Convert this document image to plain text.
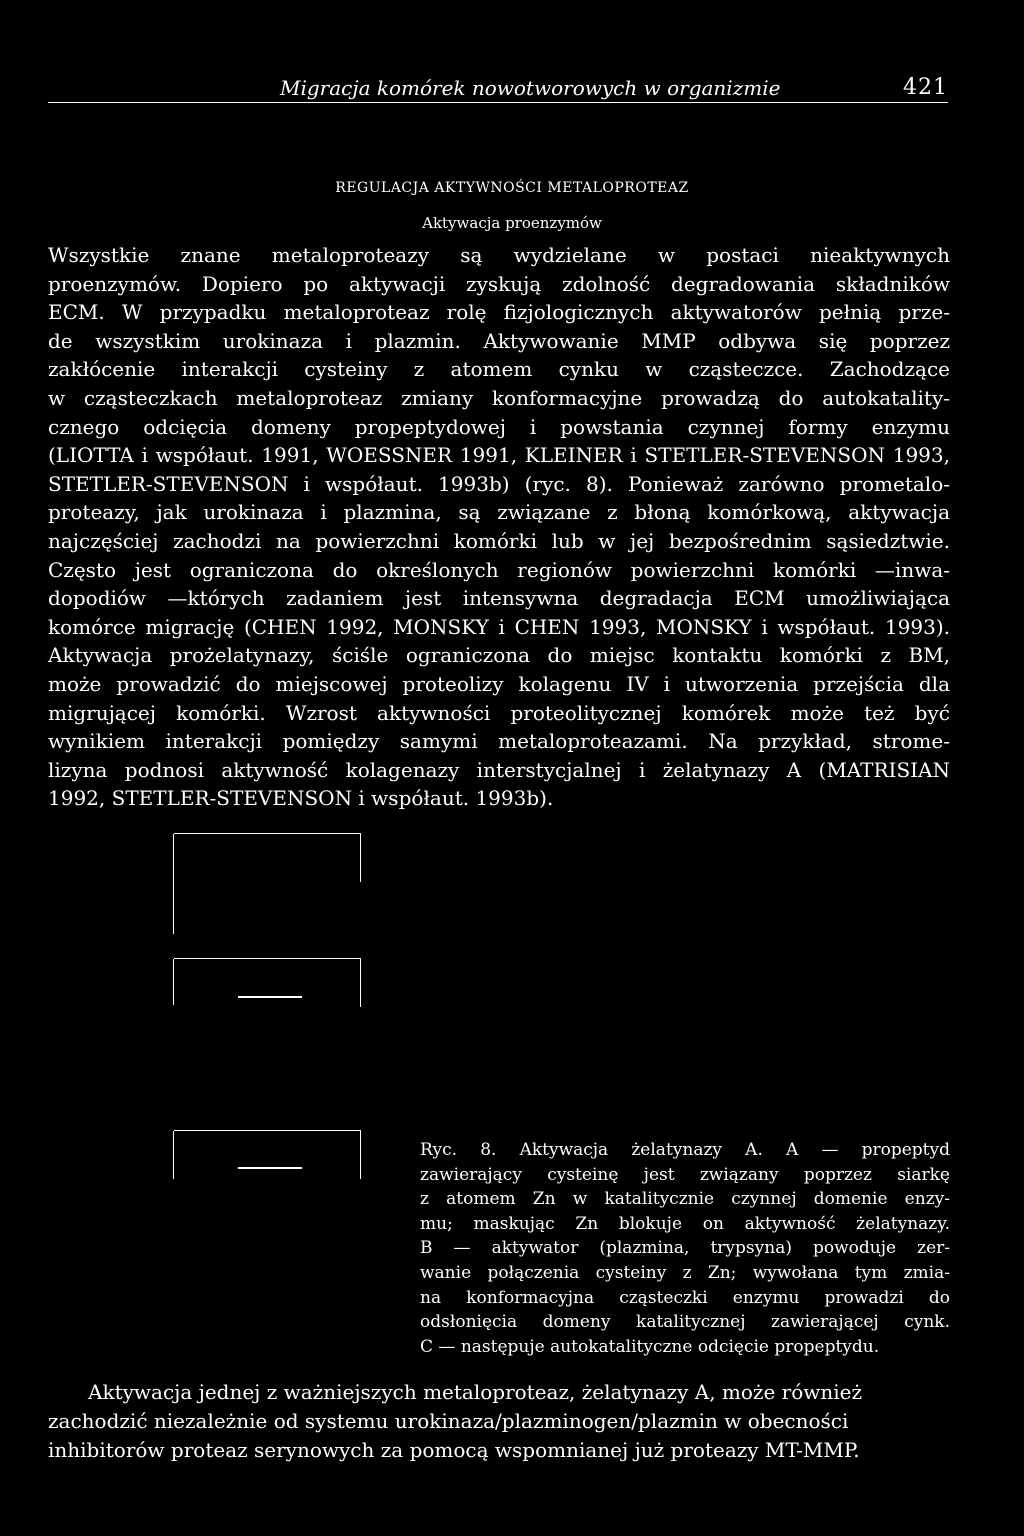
Migracja komórek nowotworowych w organizmie	421
REGULACJA AKTYWNOŚCI METALOPROTEAZ
Aktywacja proenzymów
Wszystkie znane metaloproteazy są wydzielane w postaci nieaktywnych
proenzymów. Dopiero po aktywacji zyskują zdolność degradowania składników
ECM. W przypadku metaloproteaz rolę fizjologicznych aktywatorów pełnią prze-
de wszystkim urokinaza i plazmin. Aktywowanie MMP odbywa się poprzez
zakłócenie interakcji cysteiny z atomem cynku w cząsteczce. Zachodzące
w cząsteczkach metaloproteaz zmiany konformacyjne prowadzą do autokatality-
cznego odcięcia domeny propeptydowej i powstania czynnej formy enzymu
(LIOTTA i współaut. 1991, WOESSNER 1991, KLEINER i STETLER-STEVENSON 1993,
STETLER-STEVENSON i współaut. 1993b) (ryc. 8). Ponieważ zarówno prometalo-
proteazy, jak urokinaza i plazmina, są związane z błoną komórkową, aktywacja
najczęściej zachodzi na powierzchni komórki lub w jej bezpośrednim sąsiedztwie.
Często jest ograniczona do określonych regionów powierzchni komórki —inwa-
dopodiów —których zadaniem jest intensywna degradacja ECM umożliwiająca
komórce migrację (CHEN 1992, MONSKY i CHEN 1993, MONSKY i współaut. 1993).
Aktywacja prożelatynazy, ściśle ograniczona do miejsc kontaktu komórki z BM,
może prowadzić do miejscowej proteolizy kolagenu IV i utworzenia przejścia dla
migrującej komórki. Wzrost aktywności proteolitycznej komórek może też być
wynikiem interakcji pomiędzy samymi metaloproteazami. Na przykład, strome-
lizyna podnosi aktywność kolagenazy interstycjalnej i żelatynazy A (MATRISIAN
1992, STETLER-STEVENSON i współaut. 1993b).
Ryc. 8. Aktywacja żelatynazy A. A — propeptyd
zawierający cysteinę jest związany poprzez siarkę
z atomem Zn w katalitycznie czynnej domenie enzy-
mu; maskując Zn blokuje on aktywność żelatynazy.
B — aktywator (plazmina, trypsyna) powoduje zer-
wanie połączenia cysteiny z Zn; wywołana tym zmia-
na konformacyjna cząsteczki enzymu prowadzi do
odsłonięcia domeny katalitycznej zawierającej cynk.
C — następuje autokatalityczne odcięcie propeptydu.
Aktywacja jednej z ważniejszych metaloproteaz, żelatynazy A, może również
zachodzić niezależnie od systemu urokinaza/plazminogen/plazmin w obecności
inhibitorów proteaz serynowych za pomocą wspomnianej już proteazy MT-MMP.
